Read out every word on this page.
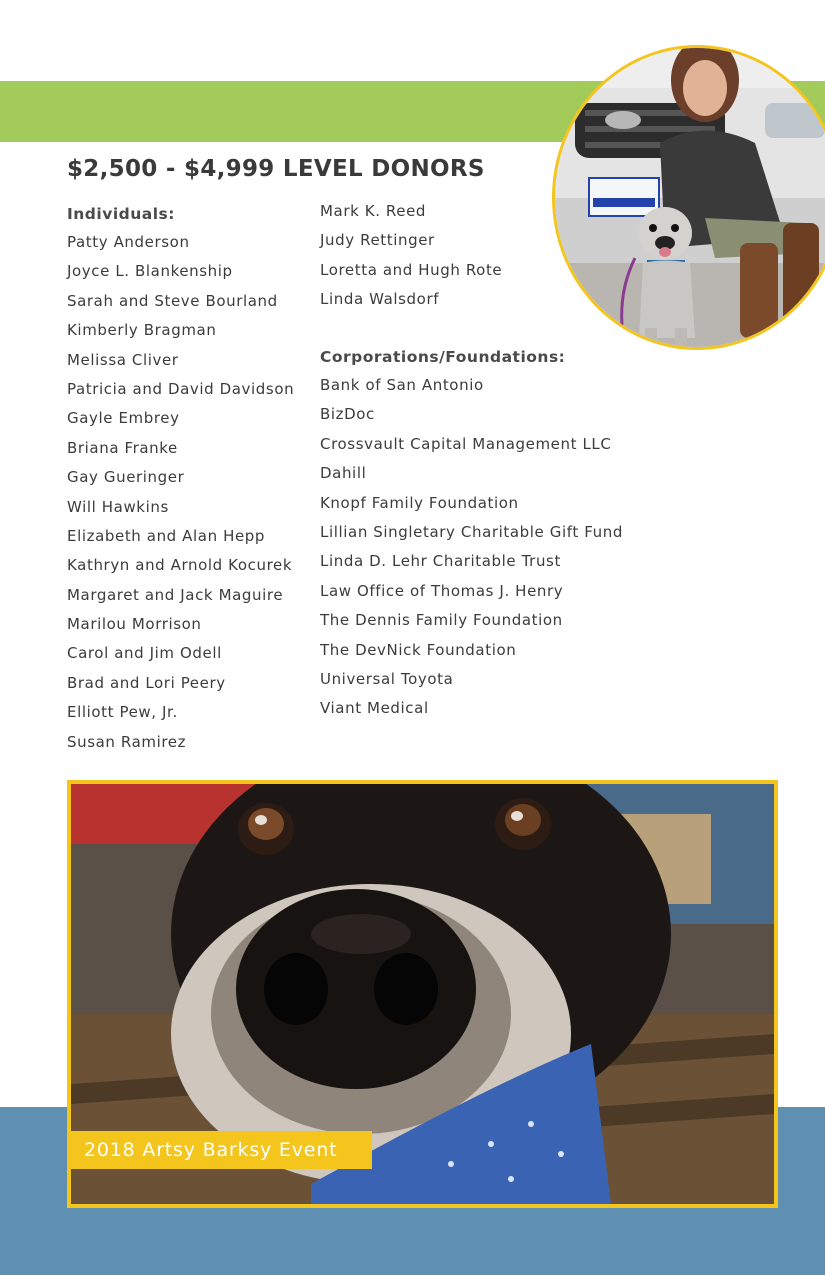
$2,500 - $4,999 LEVEL DONORS
Individuals:
Patty Anderson
Joyce L. Blankenship
Sarah and Steve Bourland
Kimberly Bragman
Melissa Cliver
Patricia and David Davidson
Gayle Embrey
Briana Franke
Gay Gueringer
Will Hawkins
Elizabeth and Alan Hepp
Kathryn and Arnold Kocurek
Margaret and Jack Maguire
Marilou Morrison
Carol and Jim Odell
Brad and Lori Peery
Elliott Pew, Jr.
Susan Ramirez
Mark K. Reed
Judy Rettinger
Loretta and Hugh Rote
Linda Walsdorf
Corporations/Foundations:
Bank of San Antonio
BizDoc
Crossvault Capital Management LLC
Dahill
Knopf Family Foundation
Lillian Singletary Charitable Gift Fund
Linda D. Lehr Charitable Trust
Law Office of Thomas J. Henry
The Dennis Family Foundation
The DevNick Foundation
Universal Toyota
Viant Medical
2018 Artsy Barksy Event
